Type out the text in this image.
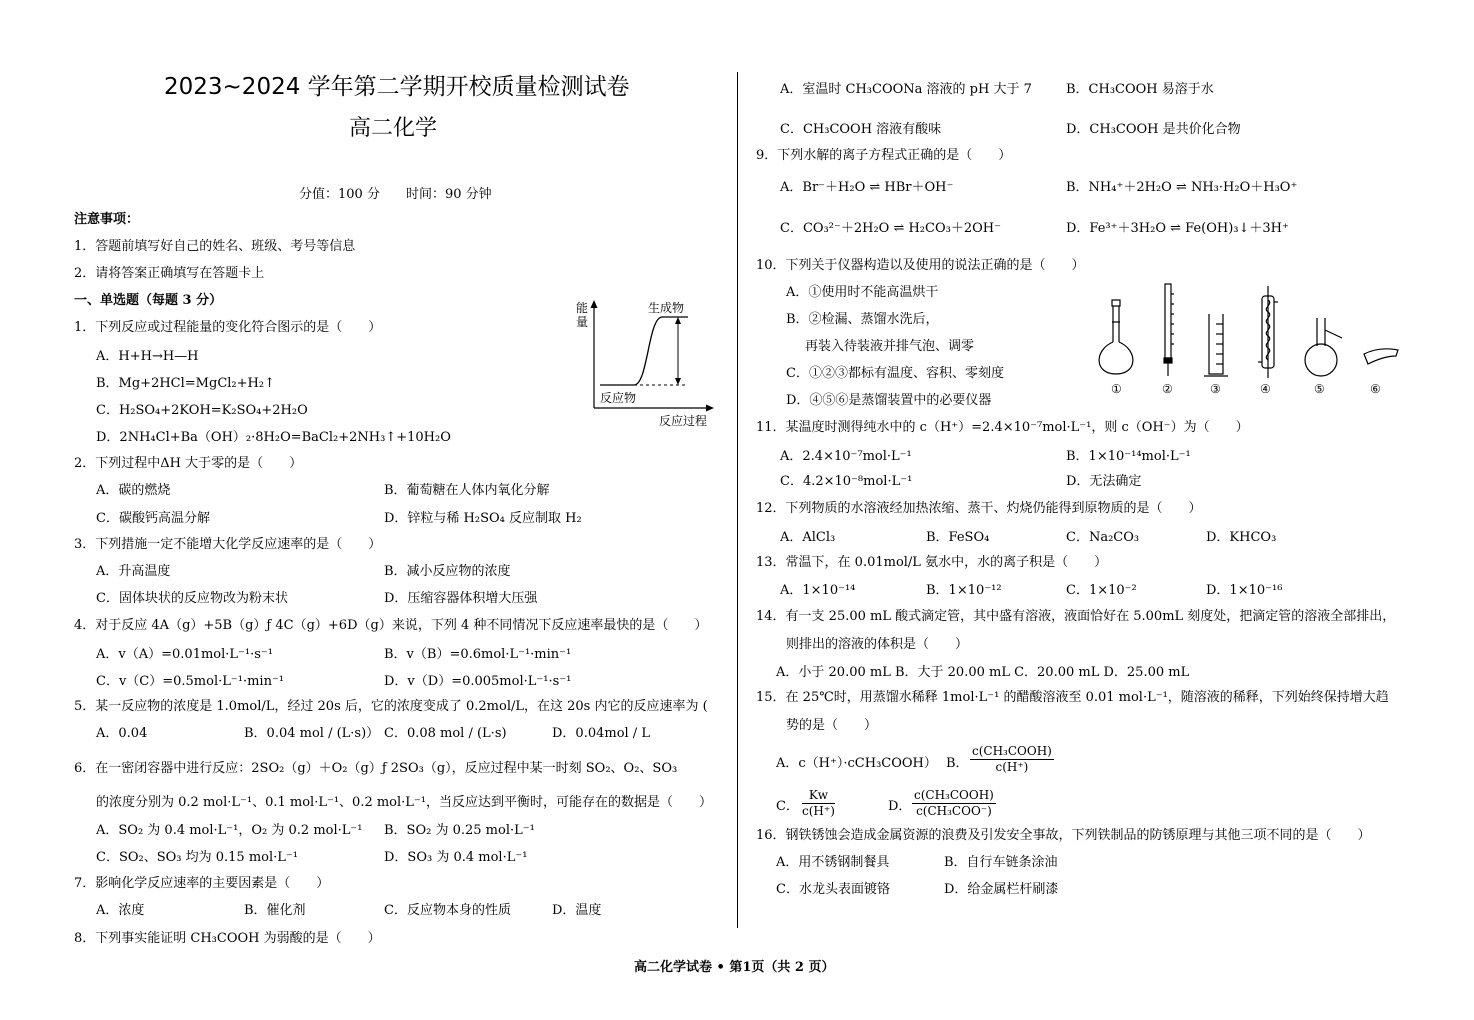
2023~2024 学年第二学期开校质量检测试卷
高二化学
分值：100 分　　时间：90 分钟
注意事项：
1．答题前填写好自己的姓名、班级、考号等信息
2．请将答案正确填写在答题卡上
一、单选题（每题 3 分）
1．下列反应或过程能量的变化符合图示的是（　　）
A．H+H→H—H
B．Mg+2HCl=MgCl₂+H₂↑
C．H₂SO₄+2KOH=K₂SO₄+2H₂O
D．2NH₄Cl+Ba（OH）₂·8H₂O=BaCl₂+2NH₃↑+10H₂O
2．下列过程中ΔH 大于零的是（　　）
A．碳的燃烧	B．葡萄糖在人体内氧化分解
C．碳酸钙高温分解	D．锌粒与稀 H₂SO₄ 反应制取 H₂
3．下列措施一定不能增大化学反应速率的是（　　）
A．升高温度	B．减小反应物的浓度
C．固体块状的反应物改为粉末状	D．压缩容器体积增大压强
4．对于反应 4A（g）+5B（g）ƒ 4C（g）+6D（g）来说，下列 4 种不同情况下反应速率最快的是（　　）
A．v（A）=0.01mol·L⁻¹·s⁻¹	B．v（B）=0.6mol·L⁻¹·min⁻¹
C．v（C）=0.5mol·L⁻¹·min⁻¹	D．v（D）=0.005mol·L⁻¹·s⁻¹
5．某一反应物的浓度是 1.0mol/L，经过 20s 后，它的浓度变成了 0.2mol/L，在这 20s 内它的反应速率为 (
A．0.04	B．0.04 mol / (L·s)） C．0.08 mol / (L·s)	D．0.04mol / L
6．在一密闭容器中进行反应：2SO₂（g）＋O₂（g）ƒ 2SO₃（g），反应过程中某一时刻 SO₂、O₂、SO₃
的浓度分别为 0.2 mol·L⁻¹、0.1 mol·L⁻¹、0.2 mol·L⁻¹，当反应达到平衡时，可能存在的数据是（　　）
A．SO₂ 为 0.4 mol·L⁻¹，O₂ 为 0.2 mol·L⁻¹ B．SO₂ 为 0.25 mol·L⁻¹
C．SO₂、SO₃ 均为 0.15 mol·L⁻¹	D．SO₃ 为 0.4 mol·L⁻¹
7．影响化学反应速率的主要因素是（　　）
A．浓度	B．催化剂	C．反应物本身的性质	D．温度
8．下列事实能证明 CH₃COOH 为弱酸的是（　　）
能
量
生成物
反应物
反应过程
A．室温时 CH₃COONa 溶液的 pH 大于 7	B．CH₃COOH 易溶于水
C．CH₃COOH 溶液有酸味	D．CH₃COOH 是共价化合物
9．下列水解的离子方程式正确的是（　　）
A．Br⁻＋H₂O ⇌ HBr＋OH⁻	B．NH₄⁺＋2H₂O ⇌ NH₃·H₂O＋H₃O⁺
C．CO₃²⁻＋2H₂O ⇌ H₂CO₃＋2OH⁻	D．Fe³⁺＋3H₂O ⇌ Fe(OH)₃↓＋3H⁺
10．下列关于仪器构造以及使用的说法正确的是（　　）
A．①使用时不能高温烘干
B．②检漏、蒸馏水洗后，
再装入待装液并排气泡、调零
C．①②③都标有温度、容积、零刻度
D．④⑤⑥是蒸馏装置中的必要仪器
11．某温度时测得纯水中的 c（H⁺）=2.4×10⁻⁷mol·L⁻¹，则 c（OH⁻）为（　　）
A．2.4×10⁻⁷mol·L⁻¹	B．1×10⁻¹⁴mol·L⁻¹
C．4.2×10⁻⁸mol·L⁻¹	D．无法确定
12．下列物质的水溶液经加热浓缩、蒸干、灼烧仍能得到原物质的是（　　）
A．AlCl₃	B．FeSO₄	C．Na₂CO₃	D．KHCO₃
13．常温下，在 0.01mol/L 氨水中，水的离子积是（　　）
A．1×10⁻¹⁴	B．1×10⁻¹²	C．1×10⁻²	D．1×10⁻¹⁶
14．有一支 25.00 mL 酸式滴定管，其中盛有溶液，液面恰好在 5.00mL 刻度处，把滴定管的溶液全部排出，
则排出的溶液的体积是（　　）
A．小于 20.00 mL B．大于 20.00 mL C．20.00 mL D．25.00 mL
15．在 25℃时，用蒸馏水稀释 1mol·L⁻¹ 的醋酸溶液至 0.01 mol·L⁻¹，随溶液的稀释，下列始终保持增大趋
势的是（　　）
A．c（H⁺）·cCH₃COOH） B．
c(CH₃COOH)
c(H⁺)
C． $\frac{Kw}{c(H^+)}$	D．
c(CH₃COOH)
c(CH₃COO⁻)
16．钢铁锈蚀会造成金属资源的浪费及引发安全事故，下列铁制品的防锈原理与其他三项不同的是（　　）
A．用不锈钢制餐具	B．自行车链条涂油
C．水龙头表面镀铬	D．给金属栏杆刷漆
①	②	③	④	⑤	⑥
高二化学试卷 • 第1页（共 2 页）
